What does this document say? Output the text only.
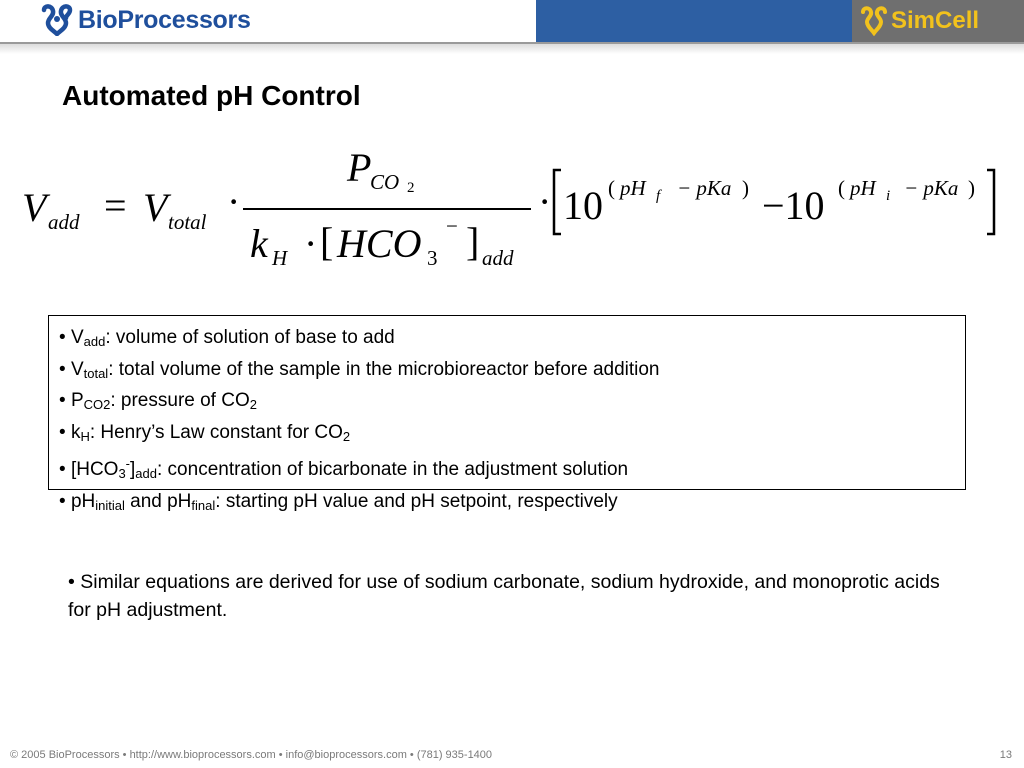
BioProcessors	SimCell
Automated pH Control
V add = V total ·
P
CO 2
k H · [ HCO 3
− ] add
· 10 ( pH f − pKa ) −10 ( pH i − pKa )
• $V_{add}$: volume of solution of base to add
• $V_{total}$: total volume of the sample in the microbioreactor before addition
• $P_{CO2}$: pressure of $CO_2$
• $k_H$: Henry’s Law constant for $CO_2$
• $[HCO_3^-]_{add}$: concentration of bicarbonate in the adjustment solution
• $pH_{initial}$ and $pH_{final}$: starting pH value and pH setpoint, respectively
• Similar equations are derived for use of sodium carbonate, sodium hydroxide, and monoprotic acids for pH adjustment.
© 2005 BioProcessors • http://www.bioprocessors.com • info@bioprocessors.com • (781) 935-1400	13
